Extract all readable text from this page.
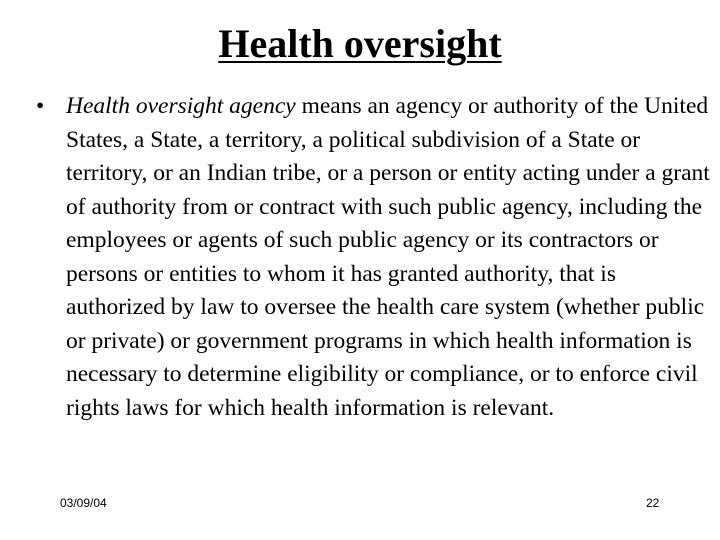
Health oversight
• Health oversight agency means an agency or authority of the United States, a State, a territory, a political subdivision of a State or territory, or an Indian tribe, or a person or entity acting under a grant of authority from or contract with such public agency, including the employees or agents of such public agency or its contractors or persons or entities to whom it has granted authority, that is authorized by law to oversee the health care system (whether public or private) or government programs in which health information is necessary to determine eligibility or compliance, or to enforce civil rights laws for which health information is relevant.
03/09/04	22
